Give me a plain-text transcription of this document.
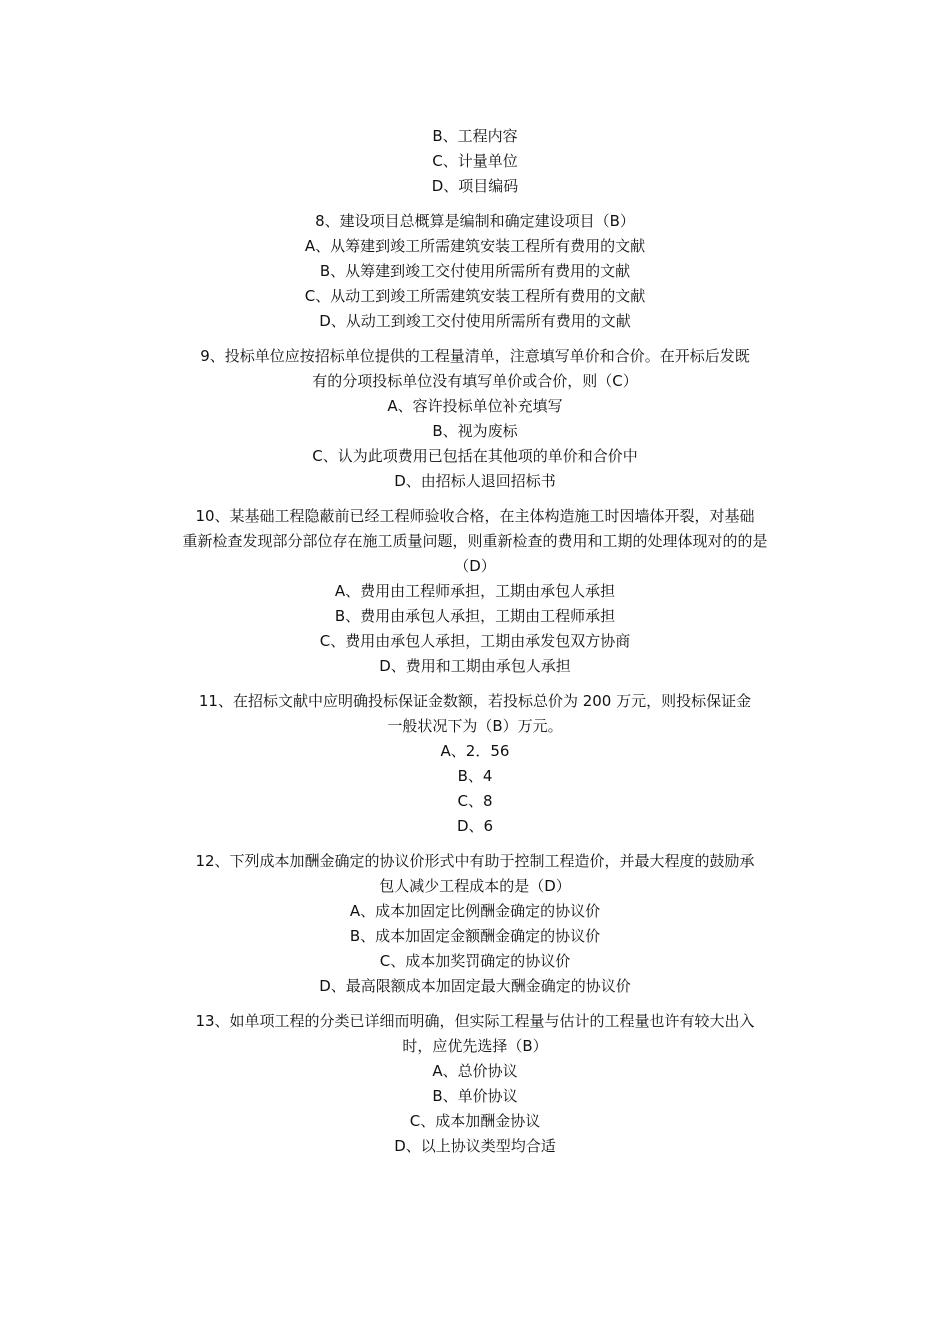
B、工程内容
C、计量单位
D、项目编码
8、建设项目总概算是编制和确定建设项目（B）
A、从筹建到竣工所需建筑安装工程所有费用的文献
B、从筹建到竣工交付使用所需所有费用的文献
C、从动工到竣工所需建筑安装工程所有费用的文献
D、从动工到竣工交付使用所需所有费用的文献
9、投标单位应按招标单位提供的工程量清单，注意填写单价和合价。在开标后发既
有的分项投标单位没有填写单价或合价，则（C）
A、容许投标单位补充填写
B、视为废标
C、认为此项费用已包括在其他项的单价和合价中
D、由招标人退回招标书
10、某基础工程隐蔽前已经工程师验收合格，在主体构造施工时因墙体开裂，对基础
重新检查发现部分部位存在施工质量问题，则重新检查的费用和工期的处理体现对的的是
（D）
A、费用由工程师承担，工期由承包人承担
B、费用由承包人承担，工期由工程师承担
C、费用由承包人承担，工期由承发包双方协商
D、费用和工期由承包人承担
11、在招标文献中应明确投标保证金数额，若投标总价为 200 万元，则投标保证金
一般状况下为（B）万元。
A、2．56
B、4
C、8
D、6
12、下列成本加酬金确定的协议价形式中有助于控制工程造价，并最大程度的鼓励承
包人减少工程成本的是（D）
A、成本加固定比例酬金确定的协议价
B、成本加固定金额酬金确定的协议价
C、成本加奖罚确定的协议价
D、最高限额成本加固定最大酬金确定的协议价
13、如单项工程的分类已详细而明确，但实际工程量与估计的工程量也许有较大出入
时，应优先选择（B）
A、总价协议
B、单价协议
C、成本加酬金协议
D、以上协议类型均合适
